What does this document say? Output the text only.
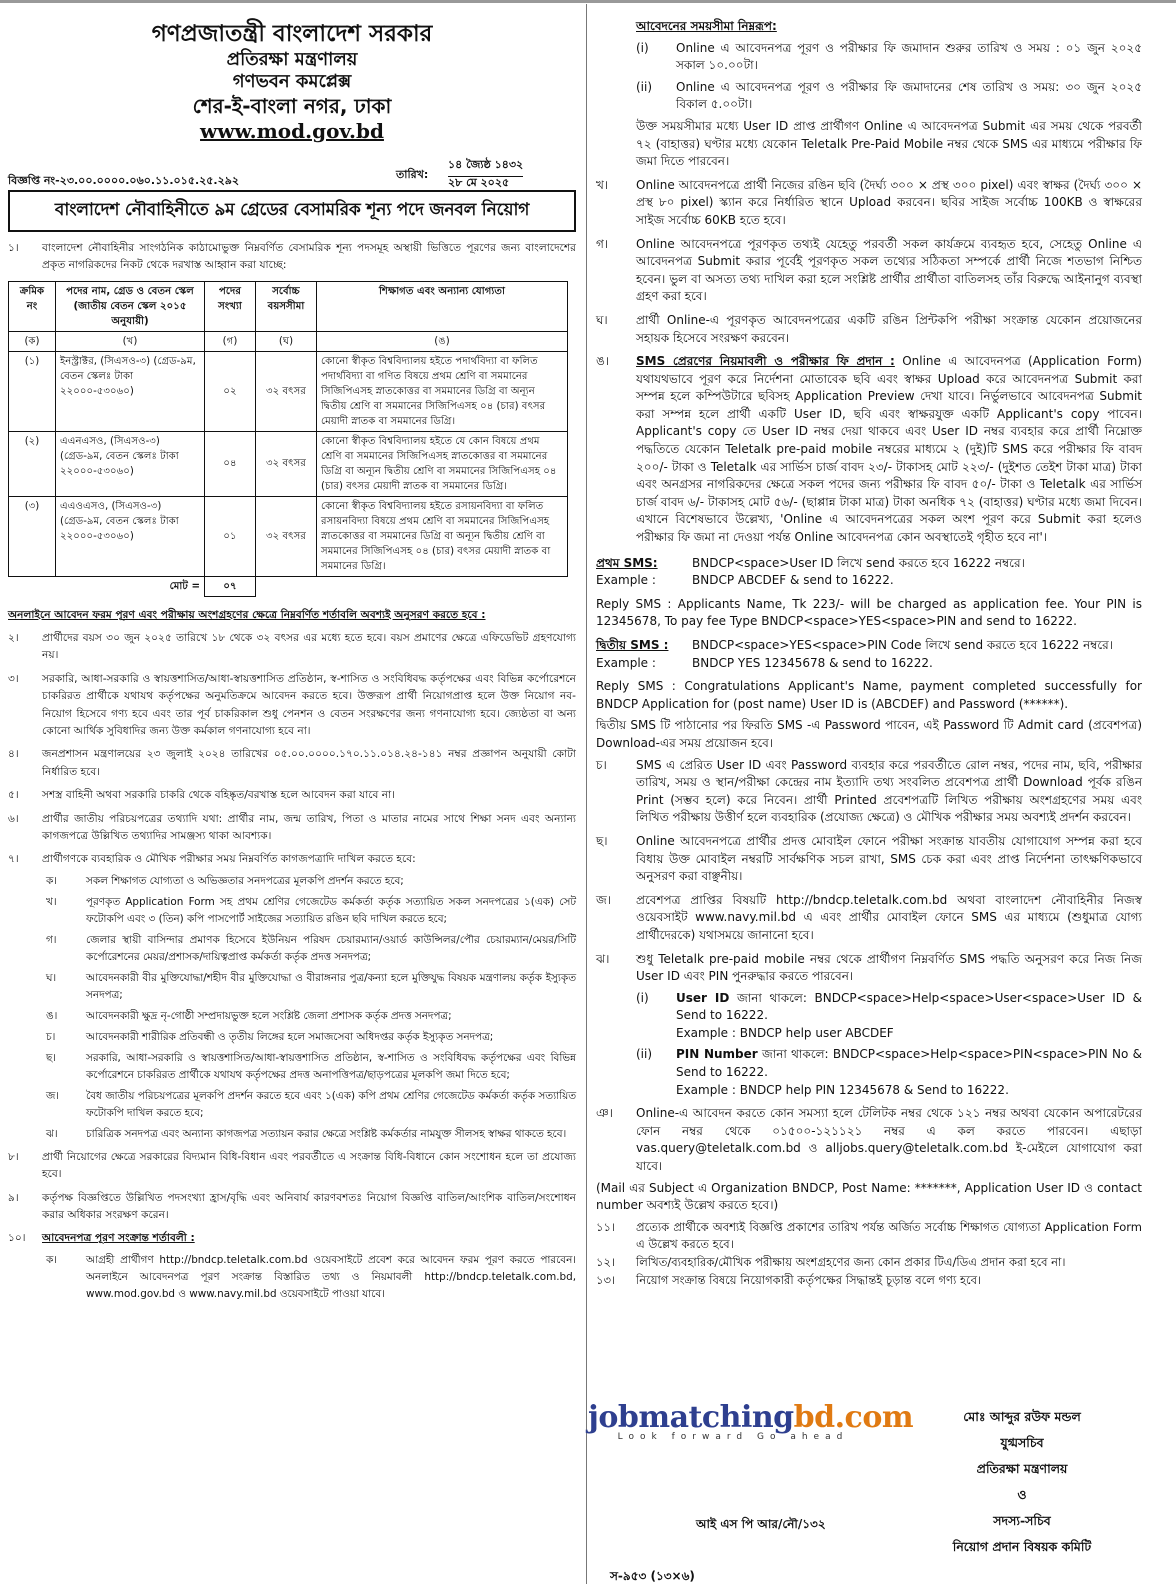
গণপ্রজাতন্ত্রী বাংলাদেশ সরকার
প্রতিরক্ষা মন্ত্রণালয়
গণভবন কমপ্লেক্স
শের-ই-বাংলা নগর, ঢাকা
www.mod.gov.bd
বিজ্ঞপ্তি নং-২৩.০০.০০০০.০৬০.১১.০১৫.২৫.২৯২	তারিখ:
১৪ জ্যৈষ্ঠ ১৪৩২
২৮ মে ২০২৫
বাংলাদেশ নৌবাহিনীতে ৯ম গ্রেডের বেসামরিক শূন্য পদে জনবল নিয়োগ
১।	বাংলাদেশ নৌবাহিনীর সাংগঠনিক কাঠামোভুক্ত নিম্নবর্ণিত বেসামরিক শূন্য পদসমূহ অস্থায়ী ভিত্তিতে পূরণের জন্য বাংলাদেশের প্রকৃত নাগরিকদের নিকট থেকে দরখাস্ত আহ্বান করা যাচ্ছে:
ক্রমিক নং	পদের নাম, গ্রেড ও বেতন স্কেল (জাতীয় বেতন স্কেল ২০১৫ অনুযায়ী)	পদের সংখ্যা	সর্বোচ্চ বয়সসীমা	শিক্ষাগত এবং অন্যান্য যোগ্যতা
(ক)	(খ)	(গ)	(ঘ)	(ঙ)
(১)	ইনস্ট্রাক্টর, (সিএসও-৩) (গ্রেড-৯ম, বেতন স্কেলঃ টাকা ২২০০০-৫৩০৬০)	০২	৩২ বৎসর	কোনো স্বীকৃত বিশ্ববিদ্যালয় হইতে পদার্থবিদ্যা বা ফলিত পদার্থবিদ্যা বা গণিত বিষয়ে প্রথম শ্রেণি বা সমমানের সিজিপিএসহ স্নাতকোত্তর বা সমমানের ডিগ্রি বা অন্যূন দ্বিতীয় শ্রেণি বা সমমানের সিজিপিএসহ ০৪ (চার) বৎসর মেয়াদী স্নাতক বা সমমানের ডিগ্রি।
(২)	এএনএসও, (সিএসও-৩) (গ্রেড-৯ম, বেতন স্কেলঃ টাকা ২২০০০-৫৩০৬০)	০৪	৩২ বৎসর	কোনো স্বীকৃত বিশ্ববিদ্যালয় হইতে যে কোন বিষয়ে প্রথম শ্রেণি বা সমমানের সিজিপিএসহ স্নাতকোত্তর বা সমমানের ডিগ্রি বা অন্যূন দ্বিতীয় শ্রেণি বা সমমানের সিজিপিএসহ ০৪ (চার) বৎসর মেয়াদী স্নাতক বা সমমানের ডিগ্রি।
(৩)	এএওএসও, (সিএসও-৩) (গ্রেড-৯ম, বেতন স্কেলঃ টাকা ২২০০০-৫৩০৬০)	০১	৩২ বৎসর	কোনো স্বীকৃত বিশ্ববিদ্যালয় হইতে রসায়নবিদ্যা বা ফলিত রসায়নবিদ্যা বিষয়ে প্রথম শ্রেণি বা সমমানের সিজিপিএসহ স্নাতকোত্তর বা সমমানের ডিগ্রি বা অন্যূন দ্বিতীয় শ্রেণি বা সমমানের সিজিপিএসহ ০৪ (চার) বৎসর মেয়াদী স্নাতক বা সমমানের ডিগ্রি।
মোট =		০৭		
অনলাইনে আবেদন ফরম পূরণ এবং পরীক্ষায় অংশগ্রহণের ক্ষেত্রে নিম্নবর্ণিত শর্তাবলি অবশ্যই অনুসরণ করতে হবে :
২।	প্রার্থীদের বয়স ৩০ জুন ২০২৫ তারিখে ১৮ থেকে ৩২ বৎসর এর মধ্যে হতে হবে। বয়স প্রমাণের ক্ষেত্রে এফিডেভিট গ্রহণযোগ্য নয়।
৩।	সরকারি, আধা-সরকারি ও স্বায়ত্তশাসিত/আধা-স্বায়ত্তশাসিত প্রতিষ্ঠান, স্ব-শাসিত ও সংবিধিবদ্ধ কর্তৃপক্ষের এবং বিভিন্ন কর্পোরেশনে চাকরিরত প্রার্থীকে যথাযথ কর্তৃপক্ষের অনুমতিক্রমে আবেদন করতে হবে। উক্তরূপ প্রার্থী নিয়োগপ্রাপ্ত হলে উক্ত নিয়োগ নব-নিয়োগ হিসেবে গণ্য হবে এবং তার পূর্ব চাকরিকাল শুধু পেনশন ও বেতন সংরক্ষণের জন্য গণনাযোগ্য হবে। জ্যেষ্ঠতা বা অন্য কোনো আর্থিক সুবিধাদির জন্য উক্ত কর্মকাল গণনাযোগ্য হবে না।
৪।	জনপ্রশাসন মন্ত্রণালয়ের ২৩ জুলাই ২০২৪ তারিখের ০৫.০০.০০০০.১৭০.১১.০১৪.২৪-১৪১ নম্বর প্রজ্ঞাপন অনুযায়ী কোটা নির্ধারিত হবে।
৫।	সশস্ত্র বাহিনী অথবা সরকারি চাকরি থেকে বহিষ্কৃত/বরখাস্ত হলে আবেদন করা যাবে না।
৬।	প্রার্থীর জাতীয় পরিচয়পত্রের তথ্যাদি যথা: প্রার্থীর নাম, জন্ম তারিখ, পিতা ও মাতার নামের সাথে শিক্ষা সনদ এবং অন্যান্য কাগজপত্রে উল্লিখিত তথ্যাদির সামঞ্জস্য থাকা আবশ্যক।
৭।	প্রার্থীগণকে ব্যবহারিক ও মৌখিক পরীক্ষার সময় নিম্নবর্ণিত কাগজপত্রাদি দাখিল করতে হবে:
ক।	সকল শিক্ষাগত যোগ্যতা ও অভিজ্ঞতার সনদপত্রের মূলকপি প্রদর্শন করতে হবে;
খ।	পূরণকৃত Application Form সহ প্রথম শ্রেণির গেজেটেড কর্মকর্তা কর্তৃক সত্যায়িত সকল সনদপত্রের ১(এক) সেট ফটোকপি এবং ৩ (তিন) কপি পাসপোর্ট সাইজের সত্যায়িত রঙিন ছবি দাখিল করতে হবে;
গ।	জেলার স্থায়ী বাসিন্দার প্রমাণক হিসেবে ইউনিয়ন পরিষদ চেয়ারম্যান/ওয়ার্ড কাউন্সিলর/পৌর চেয়ারম্যান/মেয়র/সিটি কর্পোরেশনের মেয়র/প্রশাসক/দায়িত্বপ্রাপ্ত কর্মকর্তা কর্তৃক প্রদত্ত সনদপত্র;
ঘ।	আবেদনকারী বীর মুক্তিযোদ্ধা/শহীদ বীর মুক্তিযোদ্ধা ও বীরাঙ্গনার পুত্র/কন্যা হলে মুক্তিযুদ্ধ বিষয়ক মন্ত্রণালয় কর্তৃক ইস্যুকৃত সনদপত্র;
ঙ।	আবেদনকারী ক্ষুদ্র নৃ-গোষ্ঠী সম্প্রদায়ভুক্ত হলে সংশ্লিষ্ট জেলা প্রশাসক কর্তৃক প্রদত্ত সনদপত্র;
চ।	আবেদনকারী শারীরিক প্রতিবন্ধী ও তৃতীয় লিঙ্গের হলে সমাজসেবা অধিদপ্তর কর্তৃক ইস্যুকৃত সনদপত্র;
ছ।	সরকারি, আধা-সরকারি ও স্বায়ত্তশাসিত/আধা-স্বায়ত্তশাসিত প্রতিষ্ঠান, স্ব-শাসিত ও সংবিধিবদ্ধ কর্তৃপক্ষের এবং বিভিন্ন কর্পোরেশনে চাকরিরত প্রার্থীকে যথাযথ কর্তৃপক্ষের প্রদত্ত অনাপত্তিপত্র/ছাড়পত্রের মূলকপি জমা দিতে হবে;
জ।	বৈধ জাতীয় পরিচয়পত্রের মূলকপি প্রদর্শন করতে হবে এবং ১(এক) কপি প্রথম শ্রেণির গেজেটেড কর্মকর্তা কর্তৃক সত্যায়িত ফটোকপি দাখিল করতে হবে;
ঝ।	চারিত্রিক সনদপত্র এবং অন্যান্য কাগজপত্র সত্যায়ন করার ক্ষেত্রে সংশ্লিষ্ট কর্মকর্তার নামযুক্ত সীলসহ স্বাক্ষর থাকতে হবে।
৮।	প্রার্থী নিয়োগের ক্ষেত্রে সরকারের বিদ্যমান বিধি-বিধান এবং পরবর্তীতে এ সংক্রান্ত বিধি-বিধানে কোন সংশোধন হলে তা প্রযোজ্য হবে।
৯।	কর্তৃপক্ষ বিজ্ঞপ্তিতে উল্লিখিত পদসংখ্যা হ্রাস/বৃদ্ধি এবং অনিবার্য কারণবশতঃ নিয়োগ বিজ্ঞপ্তি বাতিল/আংশিক বাতিল/সংশোধন করার অধিকার সংরক্ষণ করেন।
১০।	আবেদনপত্র পূরণ সংক্রান্ত শর্তাবলী :
ক।	আগ্রহী প্রার্থীগণ http://bndcp.teletalk.com.bd ওয়েবসাইটে প্রবেশ করে আবেদন ফরম পূরণ করতে পারবেন। অনলাইনে আবেদনপত্র পূরণ সংক্রান্ত বিস্তারিত তথ্য ও নিয়মাবলী http://bndcp.teletalk.com.bd, www.mod.gov.bd ও www.navy.mil.bd ওয়েবসাইটে পাওয়া যাবে।
আবেদনের সময়সীমা নিম্নরূপ:
(i)	Online এ আবেদনপত্র পূরণ ও পরীক্ষার ফি জমাদান শুরুর তারিখ ও সময় : ০১ জুন ২০২৫ সকাল ১০.০০টা।
(ii)	Online এ আবেদনপত্র পূরণ ও পরীক্ষার ফি জমাদানের শেষ তারিখ ও সময়: ৩০ জুন ২০২৫ বিকাল ৫.০০টা।
উক্ত সময়সীমার মধ্যে User ID প্রাপ্ত প্রার্থীগণ Online এ আবেদনপত্র Submit এর সময় থেকে পরবর্তী ৭২ (বাহাত্তর) ঘণ্টার মধ্যে যেকোন Teletalk Pre-Paid Mobile নম্বর থেকে SMS এর মাধ্যমে পরীক্ষার ফি জমা দিতে পারবেন।
খ।	Online আবেদনপত্রে প্রার্থী নিজের রঙিন ছবি (দৈর্ঘ্য ৩০০ × প্রস্থ ৩০০ pixel) এবং স্বাক্ষর (দৈর্ঘ্য ৩০০ × প্রস্থ ৮০ pixel) স্ক্যান করে নির্ধারিত স্থানে Upload করবেন। ছবির সাইজ সর্বোচ্চ 100KB ও স্বাক্ষরের সাইজ সর্বোচ্চ 60KB হতে হবে।
গ।	Online আবেদনপত্রে পূরণকৃত তথ্যই যেহেতু পরবর্তী সকল কার্যক্রমে ব্যবহৃত হবে, সেহেতু Online এ আবেদনপত্র Submit করার পূর্বেই পূরণকৃত সকল তথ্যের সঠিকতা সম্পর্কে প্রার্থী নিজে শতভাগ নিশ্চিত হবেন। ভুল বা অসত্য তথ্য দাখিল করা হলে সংশ্লিষ্ট প্রার্থীর প্রার্থীতা বাতিলসহ তাঁর বিরুদ্ধে আইনানুগ ব্যবস্থা গ্রহণ করা হবে।
ঘ।	প্রার্থী Online-এ পূরণকৃত আবেদনপত্রের একটি রঙিন প্রিন্টকপি পরীক্ষা সংক্রান্ত যেকোন প্রয়োজনের সহায়ক হিসেবে সংরক্ষণ করবেন।
ঙ।	SMS প্রেরণের নিয়মাবলী ও পরীক্ষার ফি প্রদান : Online এ আবেদনপত্র (Application Form) যথাযথভাবে পূরণ করে নির্দেশনা মোতাবেক ছবি এবং স্বাক্ষর Upload করে আবেদনপত্র Submit করা সম্পন্ন হলে কম্পিউটারে ছবিসহ Application Preview দেখা যাবে। নির্ভুলভাবে আবেদনপত্র Submit করা সম্পন্ন হলে প্রার্থী একটি User ID, ছবি এবং স্বাক্ষরযুক্ত একটি Applicant's copy পাবেন। Applicant's copy তে User ID নম্বর দেয়া থাকবে এবং User ID নম্বর ব্যবহার করে প্রার্থী নিম্নোক্ত পদ্ধতিতে যেকোন Teletalk pre-paid mobile নম্বরের মাধ্যমে ২ (দুই)টি SMS করে পরীক্ষার ফি বাবদ ২০০/- টাকা ও Teletalk এর সার্ভিস চার্জ বাবদ ২৩/- টাকাসহ মোট ২২৩/- (দুইশত তেইশ টাকা মাত্র) টাকা এবং অনগ্রসর নাগরিকদের ক্ষেত্রে সকল পদের জন্য পরীক্ষার ফি বাবদ ৫০/- টাকা ও Teletalk এর সার্ভিস চার্জ বাবদ ৬/- টাকাসহ মোট ৫৬/- (ছাপ্পান্ন টাকা মাত্র) টাকা অনধিক ৭২ (বাহাত্তর) ঘণ্টার মধ্যে জমা দিবেন। এখানে বিশেষভাবে উল্লেখ্য, 'Online এ আবেদনপত্রের সকল অংশ পূরণ করে Submit করা হলেও পরীক্ষার ফি জমা না দেওয়া পর্যন্ত Online আবেদনপত্র কোন অবস্থাতেই গৃহীত হবে না'।
প্রথম SMS:	BNDCP<space>User ID লিখে send করতে হবে 16222 নম্বরে।
Example :	BNDCP ABCDEF & send to 16222.
Reply SMS : Applicants Name, Tk 223/- will be charged as application fee. Your PIN is 12345678, To pay fee Type BNDCP<space>YES<space>PIN and send to 16222.
দ্বিতীয় SMS :	BNDCP<space>YES<space>PIN Code লিখে send করতে হবে 16222 নম্বরে।
Example :	BNDCP YES 12345678 & send to 16222.
Reply SMS : Congratulations Applicant's Name, payment completed successfully for BNDCP Application for (post name) User ID is (ABCDEF) and Password (******).
দ্বিতীয় SMS টি পাঠানোর পর ফিরতি SMS -এ Password পাবেন, এই Password টি Admit card (প্রবেশপত্র) Download-এর সময় প্রয়োজন হবে।
চ।	SMS এ প্রেরিত User ID এবং Password ব্যবহার করে পরবর্তীতে রোল নম্বর, পদের নাম, ছবি, পরীক্ষার তারিখ, সময় ও স্থান/পরীক্ষা কেন্দ্রের নাম ইত্যাদি তথ্য সংবলিত প্রবেশপত্র প্রার্থী Download পূর্বক রঙিন Print (সম্ভব হলে) করে নিবেন। প্রার্থী Printed প্রবেশপত্রটি লিখিত পরীক্ষায় অংশগ্রহণের সময় এবং লিখিত পরীক্ষায় উত্তীর্ণ হলে ব্যবহারিক (প্রযোজ্য ক্ষেত্রে) ও মৌখিক পরীক্ষার সময় অবশ্যই প্রদর্শন করবেন।
ছ।	Online আবেদনপত্রে প্রার্থীর প্রদত্ত মোবাইল ফোনে পরীক্ষা সংক্রান্ত যাবতীয় যোগাযোগ সম্পন্ন করা হবে বিধায় উক্ত মোবাইল নম্বরটি সার্বক্ষণিক সচল রাখা, SMS চেক করা এবং প্রাপ্ত নির্দেশনা তাৎক্ষণিকভাবে অনুসরণ করা বাঞ্ছনীয়।
জ।	প্রবেশপত্র প্রাপ্তির বিষয়টি http://bndcp.teletalk.com.bd অথবা বাংলাদেশ নৌবাহিনীর নিজস্ব ওয়েবসাইট www.navy.mil.bd এ এবং প্রার্থীর মোবাইল ফোনে SMS এর মাধ্যমে (শুধুমাত্র যোগ্য প্রার্থীদেরকে) যথাসময়ে জানানো হবে।
ঝ।	শুধু Teletalk pre-paid mobile নম্বর থেকে প্রার্থীগণ নিম্নবর্ণিত SMS পদ্ধতি অনুসরণ করে নিজ নিজ User ID এবং PIN পুনরুদ্ধার করতে পারবেন।
(i)	User ID জানা থাকলে: BNDCP<space>Help<space>User<space>User ID & Send to 16222.
Example : BNDCP help user ABCDEF
(ii)	PIN Number জানা থাকলে: BNDCP<space>Help<space>PIN<space>PIN No & Send to 16222.
Example : BNDCP help PIN 12345678 & Send to 16222.
ঞ।	Online-এ আবেদন করতে কোন সমস্যা হলে টেলিটক নম্বর থেকে ১২১ নম্বর অথবা যেকোন অপারেটরের ফোন নম্বর থেকে ০১৫০০-১২১১২১ নম্বর এ কল করতে পারবেন। এছাড়া vas.query@teletalk.com.bd ও alljobs.query@teletalk.com.bd ই-মেইলে যোগাযোগ করা যাবে।
(Mail এর Subject এ Organization BNDCP, Post Name: *******, Application User ID ও contact number অবশ্যই উল্লেখ করতে হবে।)
১১।	প্রত্যেক প্রার্থীকে অবশ্যই বিজ্ঞপ্তি প্রকাশের তারিখ পর্যন্ত অর্জিত সর্বোচ্চ শিক্ষাগত যোগ্যতা Application Form এ উল্লেখ করতে হবে।
১২।	লিখিত/ব্যবহারিক/মৌখিক পরীক্ষায় অংশগ্রহণের জন্য কোন প্রকার টিএ/ডিএ প্রদান করা হবে না।
১৩।	নিয়োগ সংক্রান্ত বিষয়ে নিয়োগকারী কর্তৃপক্ষের সিদ্ধান্তই চূড়ান্ত বলে গণ্য হবে।
jobmatchingbd.com
Look forward Go ahead
মোঃ আব্দুর রউফ মন্ডল
যুগ্মসচিব
প্রতিরক্ষা মন্ত্রণালয়
ও
সদস্য-সচিব
নিয়োগ প্রদান বিষয়ক কমিটি
আই এস পি আর/নৌ/১৩২
স-৯৫৩ (১৩×৬)
